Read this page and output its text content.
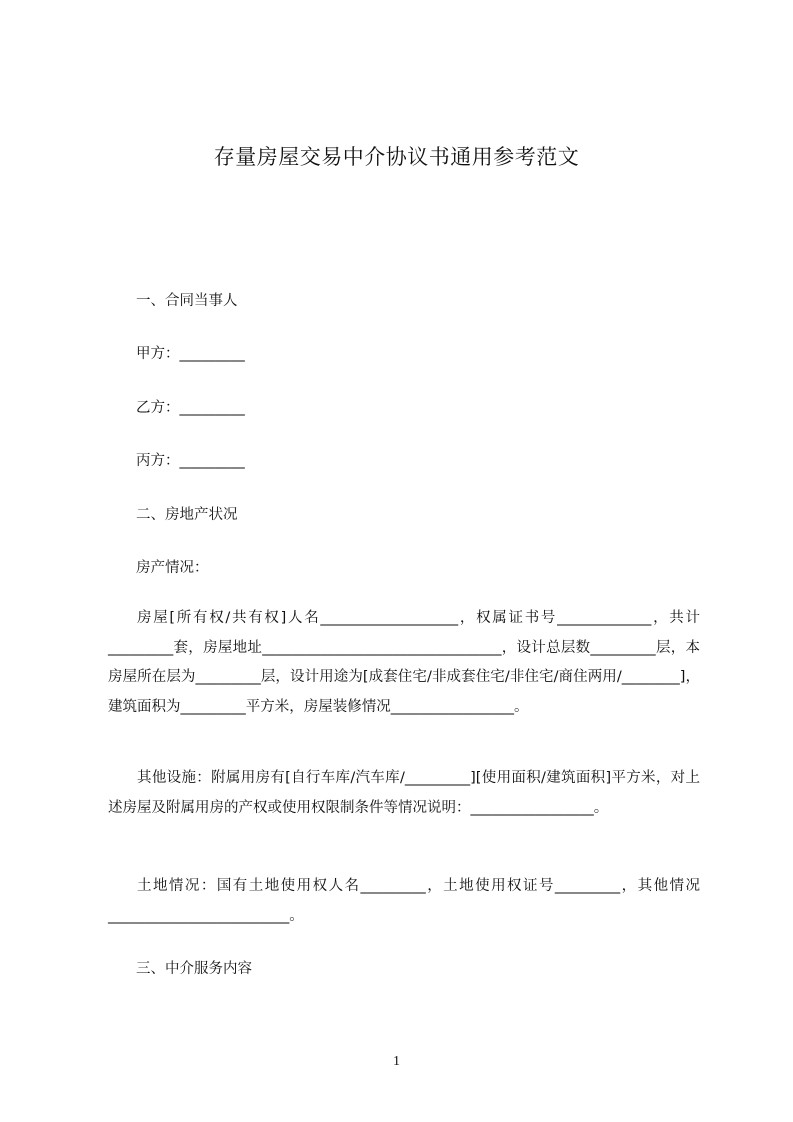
存量房屋交易中介协议书通用参考范文
一、合同当事人
甲方：_________
乙方：_________
丙方：_________
二、房地产状况
房产情况：
房屋[所有权/共有权]人名___________________，权属证书号_____________，共计_________套，房屋地址_________________________________，设计总层数_________层，本房屋所在层为_________层，设计用途为[成套住宅/非成套住宅/非住宅/商住两用/________]，建筑面积为_________平方米，房屋装修情况_________________。
其他设施：附属用房有[自行车库/汽车库/_________][使用面积/建筑面积]平方米，对上述房屋及附属用房的产权或使用权限制条件等情况说明：_________________。
土地情况：国有土地使用权人名_________，土地使用权证号_________，其他情况_________________________。
三、中介服务内容
1
